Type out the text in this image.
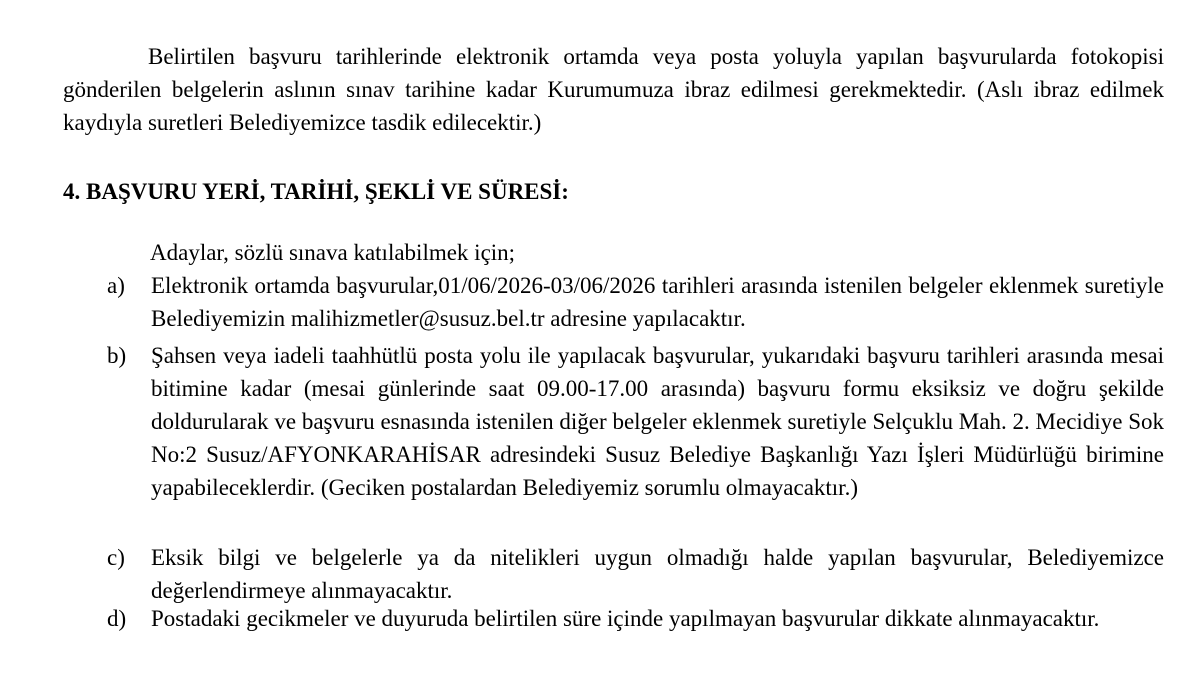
Belirtilen başvuru tarihlerinde elektronik ortamda veya posta yoluyla yapılan başvurularda fotokopisi gönderilen belgelerin aslının sınav tarihine kadar Kurumumuza ibraz edilmesi gerekmektedir. (Aslı ibraz edilmek kaydıyla suretleri Belediyemizce tasdik edilecektir.)

4. BAŞVURU YERİ, TARİHİ, ŞEKLİ VE SÜRESİ:

Adaylar, sözlü sınava katılabilmek için;

a)	Elektronik ortamda başvurular,01/06/2026-03/06/2026 tarihleri arasında istenilen belgeler eklenmek suretiyle Belediyemizin malihizmetler@susuz.bel.tr adresine yapılacaktır.
b)	Şahsen veya iadeli taahhütlü posta yolu ile yapılacak başvurular, yukarıdaki başvuru tarihleri arasında mesai bitimine kadar (mesai günlerinde saat 09.00-17.00 arasında) başvuru formu eksiksiz ve doğru şekilde doldurularak ve başvuru esnasında istenilen diğer belgeler eklenmek suretiyle Selçuklu Mah. 2. Mecidiye Sok No:2 Susuz/AFYONKARAHİSAR adresindeki Susuz Belediye Başkanlığı Yazı İşleri Müdürlüğü birimine yapabileceklerdir. (Geciken postalardan Belediyemiz sorumlu olmayacaktır.)
c)	Eksik bilgi ve belgelerle ya da nitelikleri uygun olmadığı halde yapılan başvurular, Belediyemizce değerlendirmeye alınmayacaktır.
d)	Postadaki gecikmeler ve duyuruda belirtilen süre içinde yapılmayan başvurular dikkate alınmayacaktır.
